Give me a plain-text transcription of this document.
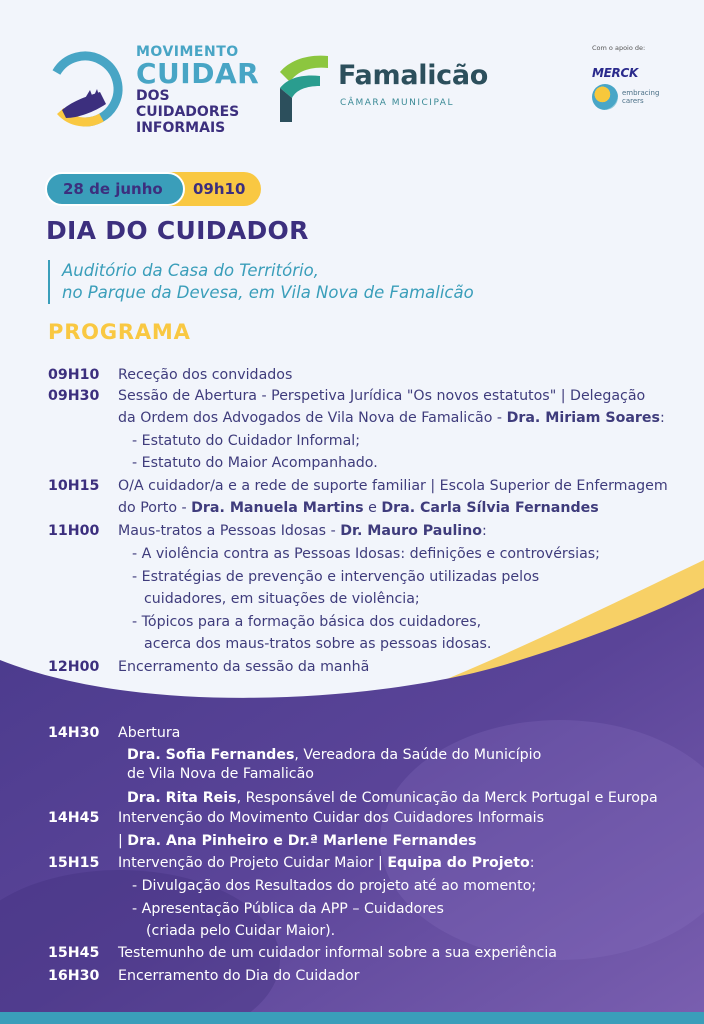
MOVIMENTO
CUIDAR
DOS CUIDADORES
INFORMAIS
Famalicão
CÂMARA MUNICIPAL
Com o apoio de:
MERCK
embracing
carers
28 de junho	09h10
DIA DO CUIDADOR
Auditório da Casa do Território,
no Parque da Devesa, em Vila Nova de Famalicão
PROGRAMA
09H10 Receção dos convidados
09H30 Sessão de Abertura - Perspetiva Jurídica "Os novos estatutos" | Delegação
da Ordem dos Advogados de Vila Nova de Famalicão - Dra. Miriam Soares:
- Estatuto do Cuidador Informal;
- Estatuto do Maior Acompanhado.
10H15 O/A cuidador/a e a rede de suporte familiar | Escola Superior de Enfermagem
do Porto - Dra. Manuela Martins e Dra. Carla Sílvia Fernandes
11H00 Maus-tratos a Pessoas Idosas - Dr. Mauro Paulino:
- A violência contra as Pessoas Idosas: definições e controvérsias;
- Estratégias de prevenção e intervenção utilizadas pelos
cuidadores, em situações de violência;
- Tópicos para a formação básica dos cuidadores,
acerca dos maus-tratos sobre as pessoas idosas.
12H00 Encerramento da sessão da manhã
14H30 Abertura
Dra. Sofia Fernandes, Vereadora da Saúde do Município
de Vila Nova de Famalicão
Dra. Rita Reis, Responsável de Comunicação da Merck Portugal e Europa
14H45 Intervenção do Movimento Cuidar dos Cuidadores Informais
| Dra. Ana Pinheiro e Dr.ª Marlene Fernandes
15H15 Intervenção do Projeto Cuidar Maior | Equipa do Projeto:
- Divulgação dos Resultados do projeto até ao momento;
- Apresentação Pública da APP – Cuidadores
(criada pelo Cuidar Maior).
15H45 Testemunho de um cuidador informal sobre a sua experiência
16H30 Encerramento do Dia do Cuidador
